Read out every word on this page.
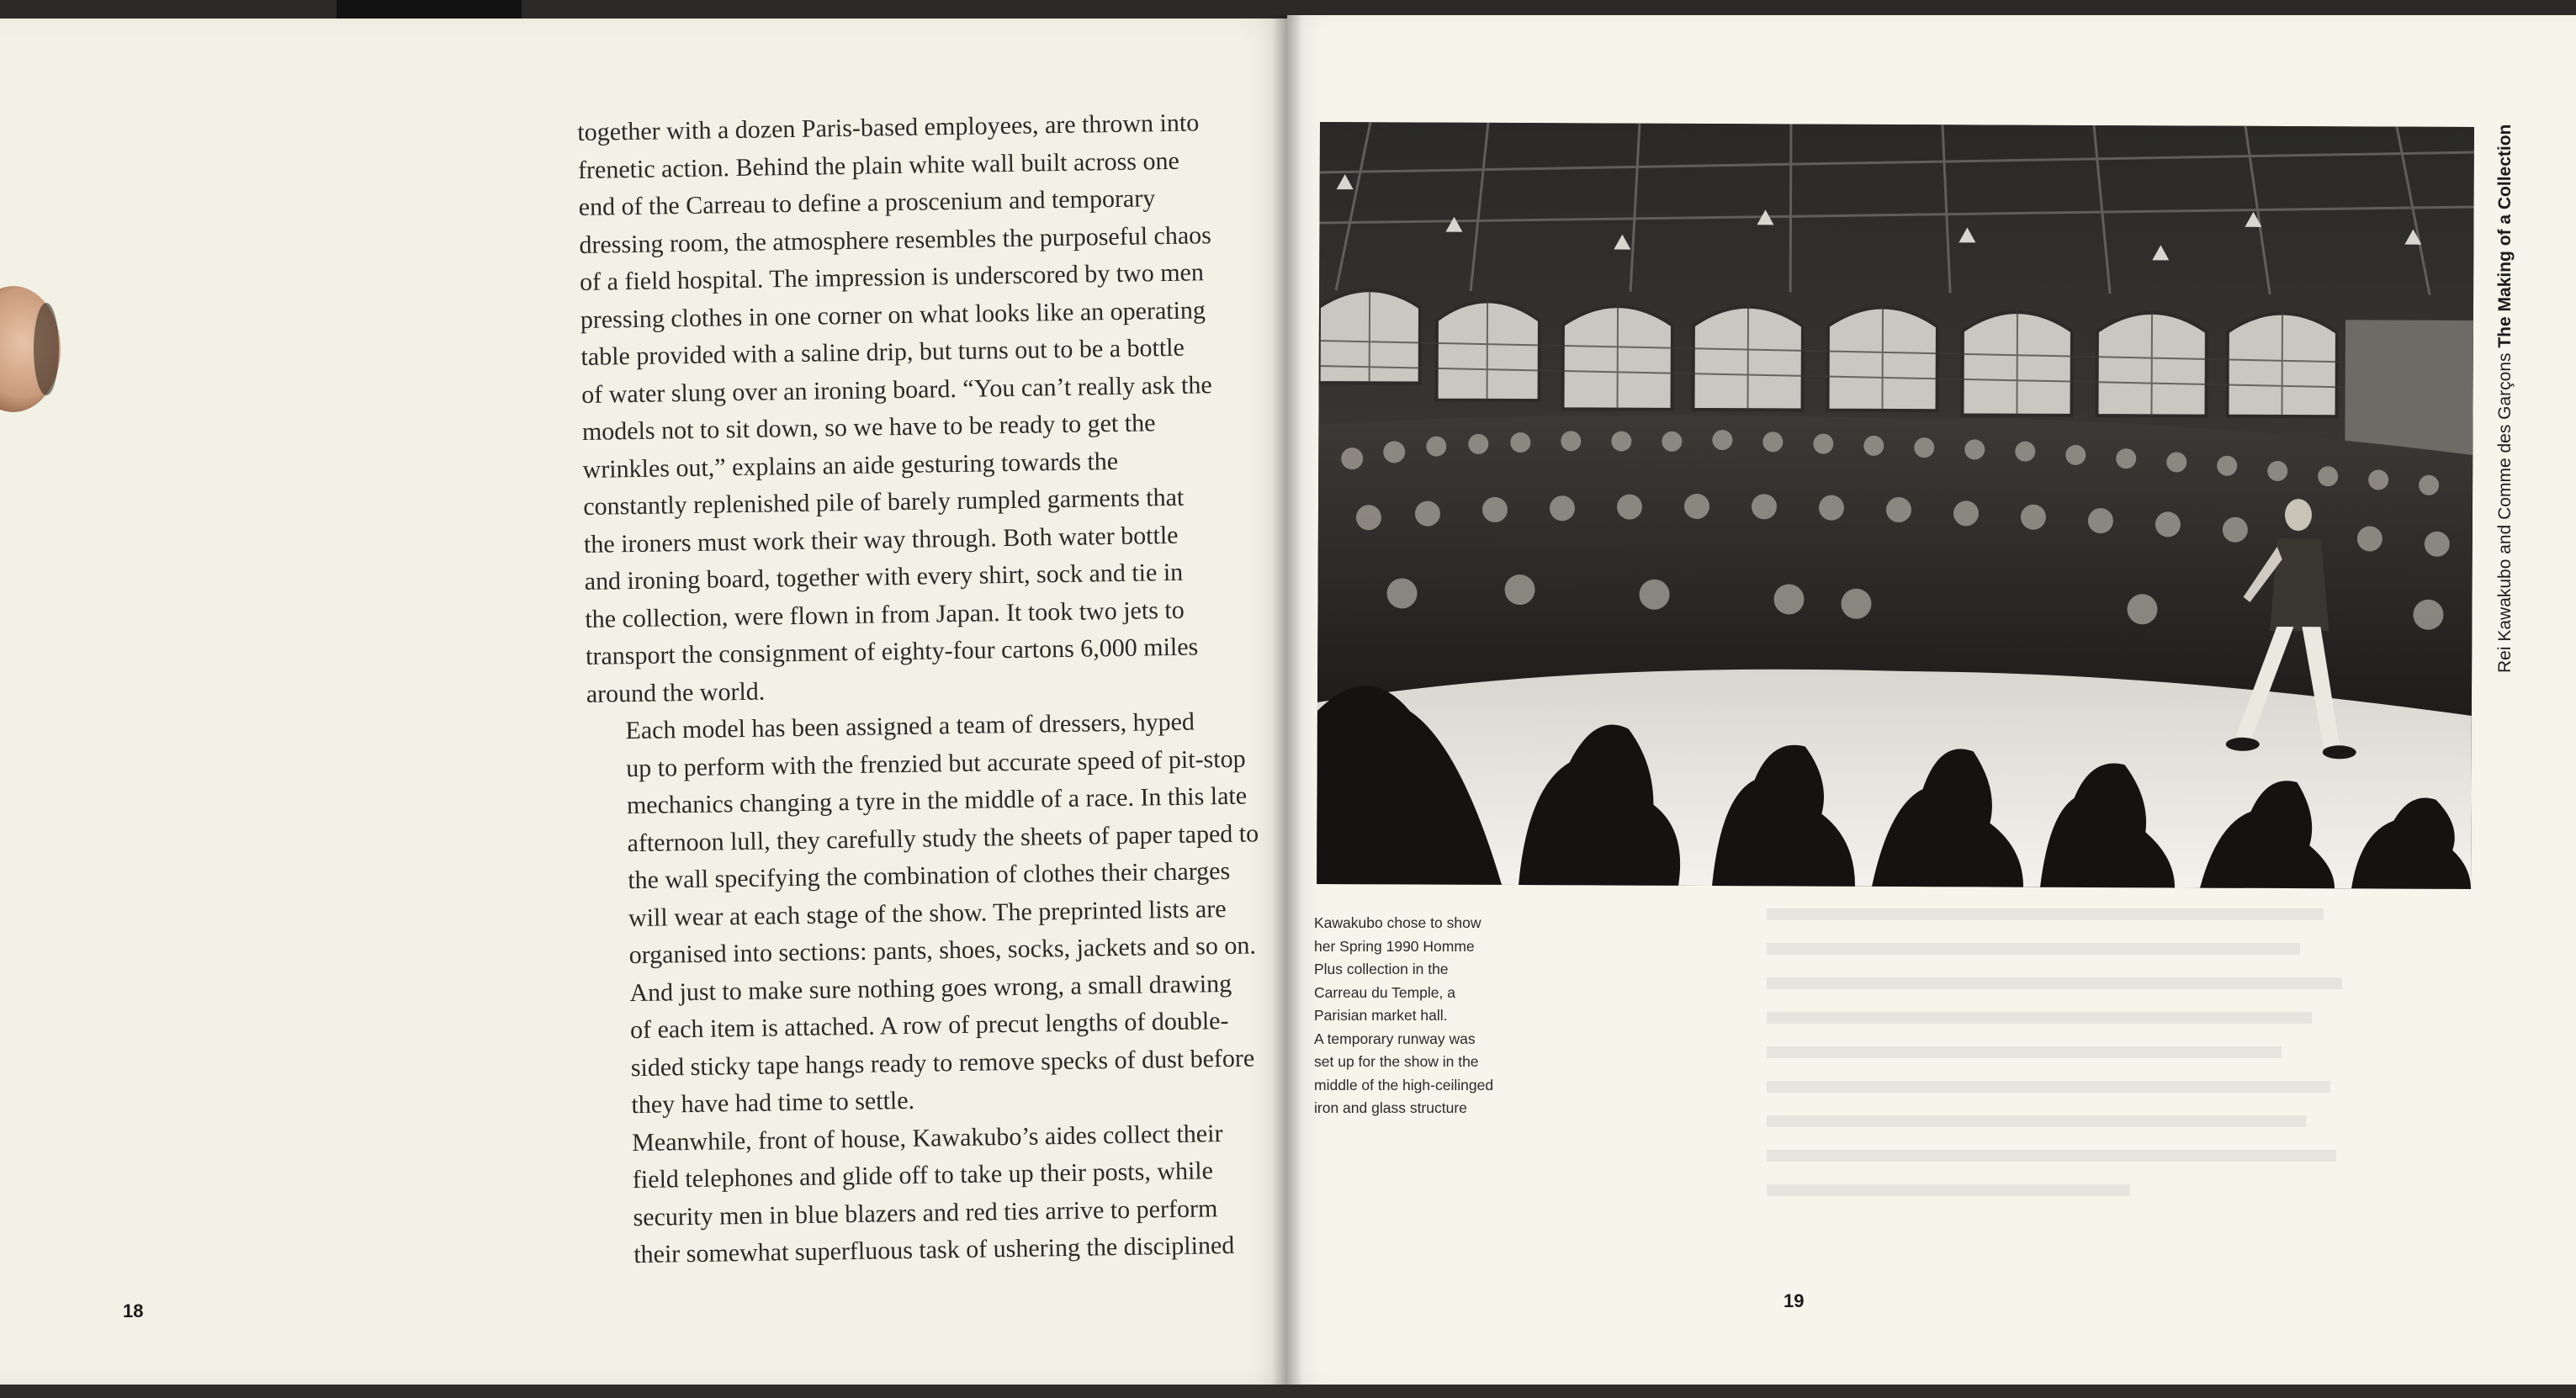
together with a dozen Paris-based employees, are thrown into
frenetic action. Behind the plain white wall built across one
end of the Carreau to define a proscenium and temporary
dressing room, the atmosphere resembles the purposeful chaos
of a field hospital. The impression is underscored by two men
pressing clothes in one corner on what looks like an operating
table provided with a saline drip, but turns out to be a bottle
of water slung over an ironing board. “You can’t really ask the
models not to sit down, so we have to be ready to get the
wrinkles out,” explains an aide gesturing towards the
constantly replenished pile of barely rumpled garments that
the ironers must work their way through. Both water bottle
and ironing board, together with every shirt, sock and tie in
the collection, were flown in from Japan. It took two jets to
transport the consignment of eighty-four cartons 6,000 miles
around the world.

Each model has been assigned a team of dressers, hyped
up to perform with the frenzied but accurate speed of pit-stop
mechanics changing a tyre in the middle of a race. In this late
afternoon lull, they carefully study the sheets of paper taped to
the wall specifying the combination of clothes their charges
will wear at each stage of the show. The preprinted lists are
organised into sections: pants, shoes, socks, jackets and so on.
And just to make sure nothing goes wrong, a small drawing
of each item is attached. A row of precut lengths of double-
sided sticky tape hangs ready to remove specks of dust before
they have had time to settle.

Meanwhile, front of house, Kawakubo’s aides collect their
field telephones and glide off to take up their posts, while
security men in blue blazers and red ties arrive to perform
their somewhat superfluous task of ushering the disciplined

18
Kawakubo chose to show
her Spring 1990 Homme
Plus collection in the
Carreau du Temple, a
Parisian market hall.
A temporary runway was
set up for the show in the
middle of the high-ceilinged
iron and glass structure
Rei Kawakubo and Comme des Garçons The Making of a Collection
19
